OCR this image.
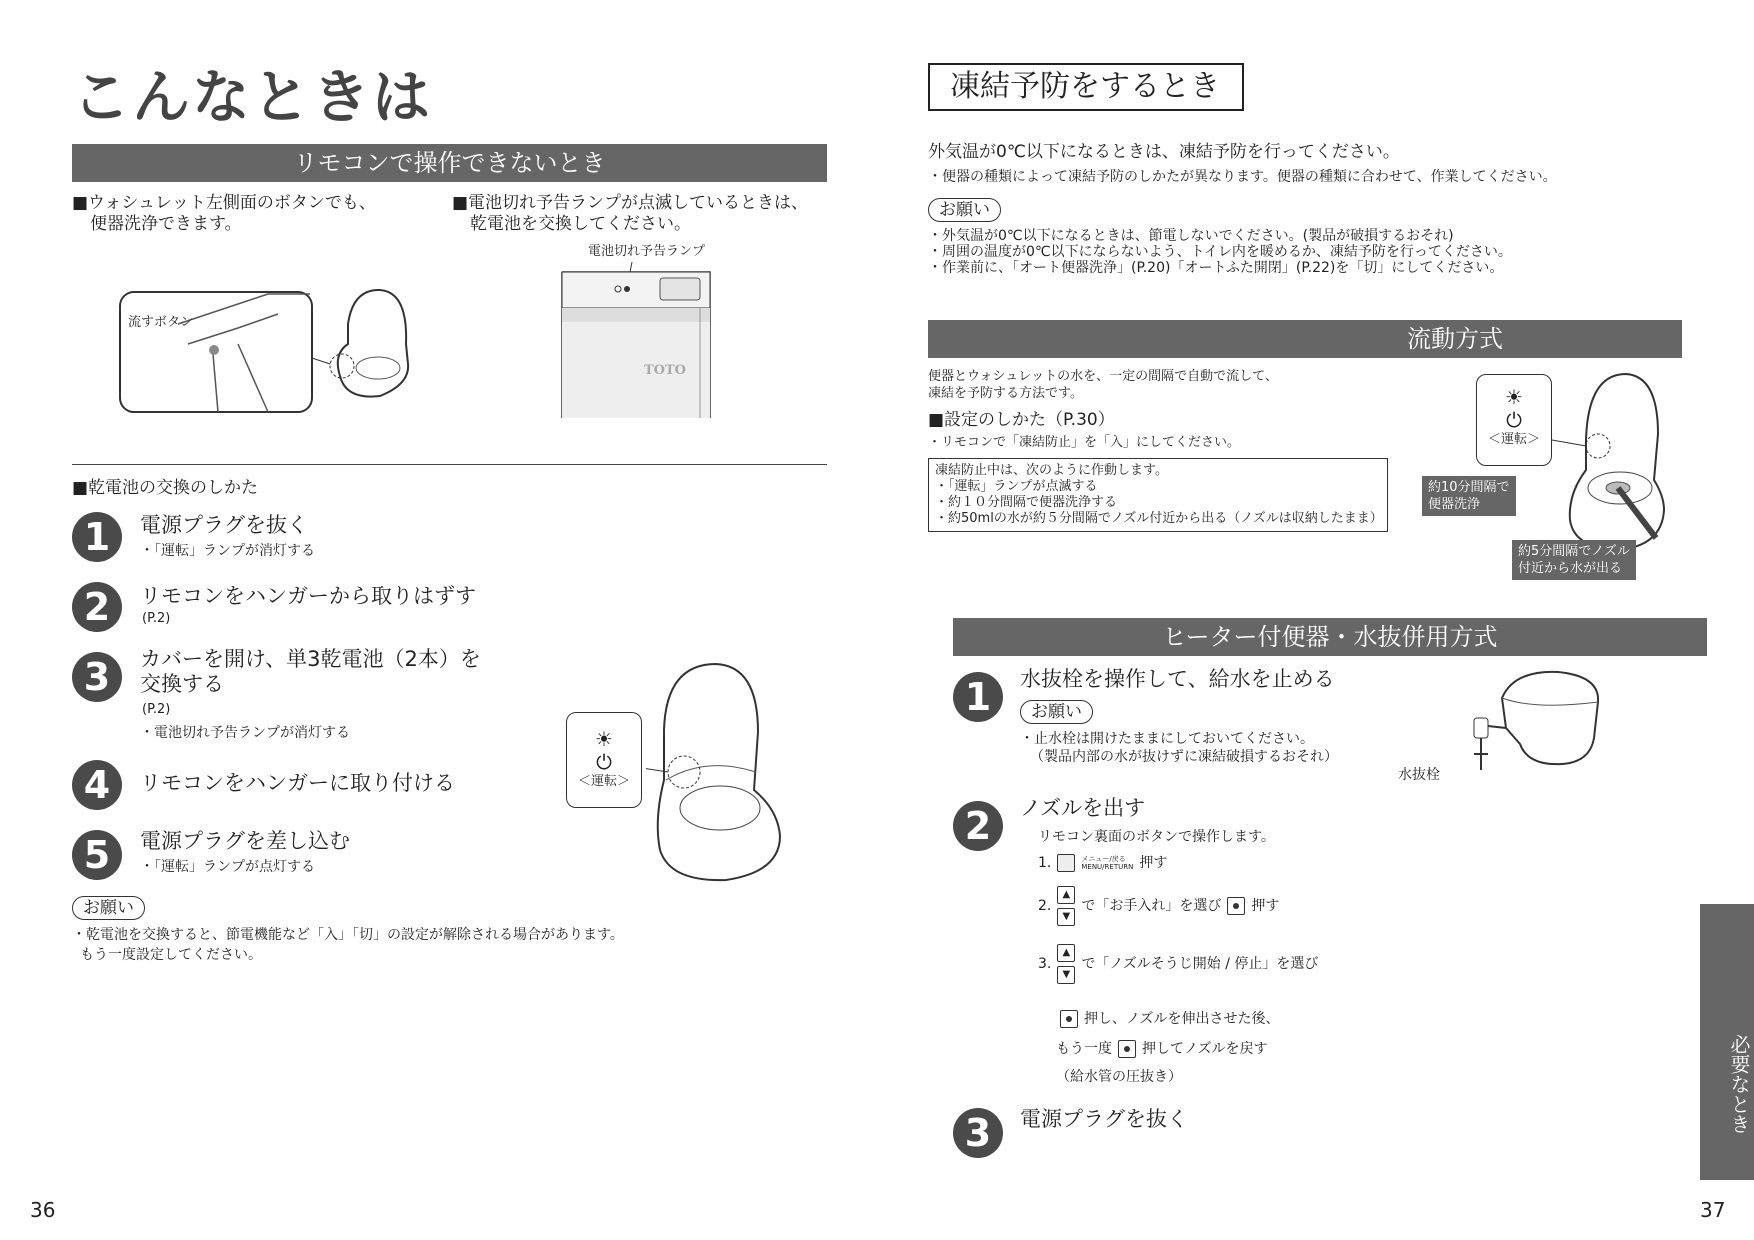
こんなときは
リモコンで操作できないとき
■ウォシュレット左側面のボタンでも、
便器洗浄できます。
■電池切れ予告ランプが点滅しているときは、
乾電池を交換してください。
流すボタン
電池切れ予告ランプ
TOTO
■乾電池の交換のしかた
1	電源プラグを抜く
・「運転」ランプが消灯する
2	リモコンをハンガーから取りはずす
(P.2)
3	カバーを開け、単3乾電池（2本）を
交換する
(P.2)
・電池切れ予告ランプが消灯する
4	リモコンをハンガーに取り付ける
5	電源プラグを差し込む
・「運転」ランプが点灯する
☀
⏻
＜運転＞
お願い
・乾電池を交換すると、節電機能など「入」「切」の設定が解除される場合があります。
もう一度設定してください。
36
凍結予防をするとき
外気温が0℃以下になるときは、凍結予防を行ってください。
・便器の種類によって凍結予防のしかたが異なります。便器の種類に合わせて、作業してください。
お願い
・外気温が0℃以下になるときは、節電しないでください。(製品が破損するおそれ)
・周囲の温度が0℃以下にならないよう、トイレ内を暖めるか、凍結予防を行ってください。
・作業前に、「オート便器洗浄」(P.20)「オートふた開閉」(P.22)を「切」にしてください。
流動方式
便器とウォシュレットの水を、一定の間隔で自動で流して、
凍結を予防する方法です。
■設定のしかた（P.30）
・リモコンで「凍結防止」を「入」にしてください。
凍結防止中は、次のように作動します。
・「運転」ランプが点滅する
・約１０分間隔で便器洗浄する
・約50mlの水が約５分間隔でノズル付近から出る（ノズルは収納したまま）
☀
⏻
＜運転＞
約10分間隔で
便器洗浄
約5分間隔でノズル
付近から水が出る
ヒーター付便器・水抜併用方式
1	水抜栓を操作して、給水を止める
お願い
・止水栓は開けたままにしておいてください。
（製品内部の水が抜けずに凍結破損するおそれ）
水抜栓
2	ノズルを出す
リモコン裏面のボタンで操作します。
1.	メニュー/戻る
MENU/RETURN 押す
2.
▲
▼
で「お手入れ」を選び 押す
3.
▲
▼
で「ノズルそうじ開始 / 停止」を選び
押し、ノズルを伸出させた後、
もう一度 押してノズルを戻す
（給水管の圧抜き）
3	電源プラグを抜く	必要なとき
37
